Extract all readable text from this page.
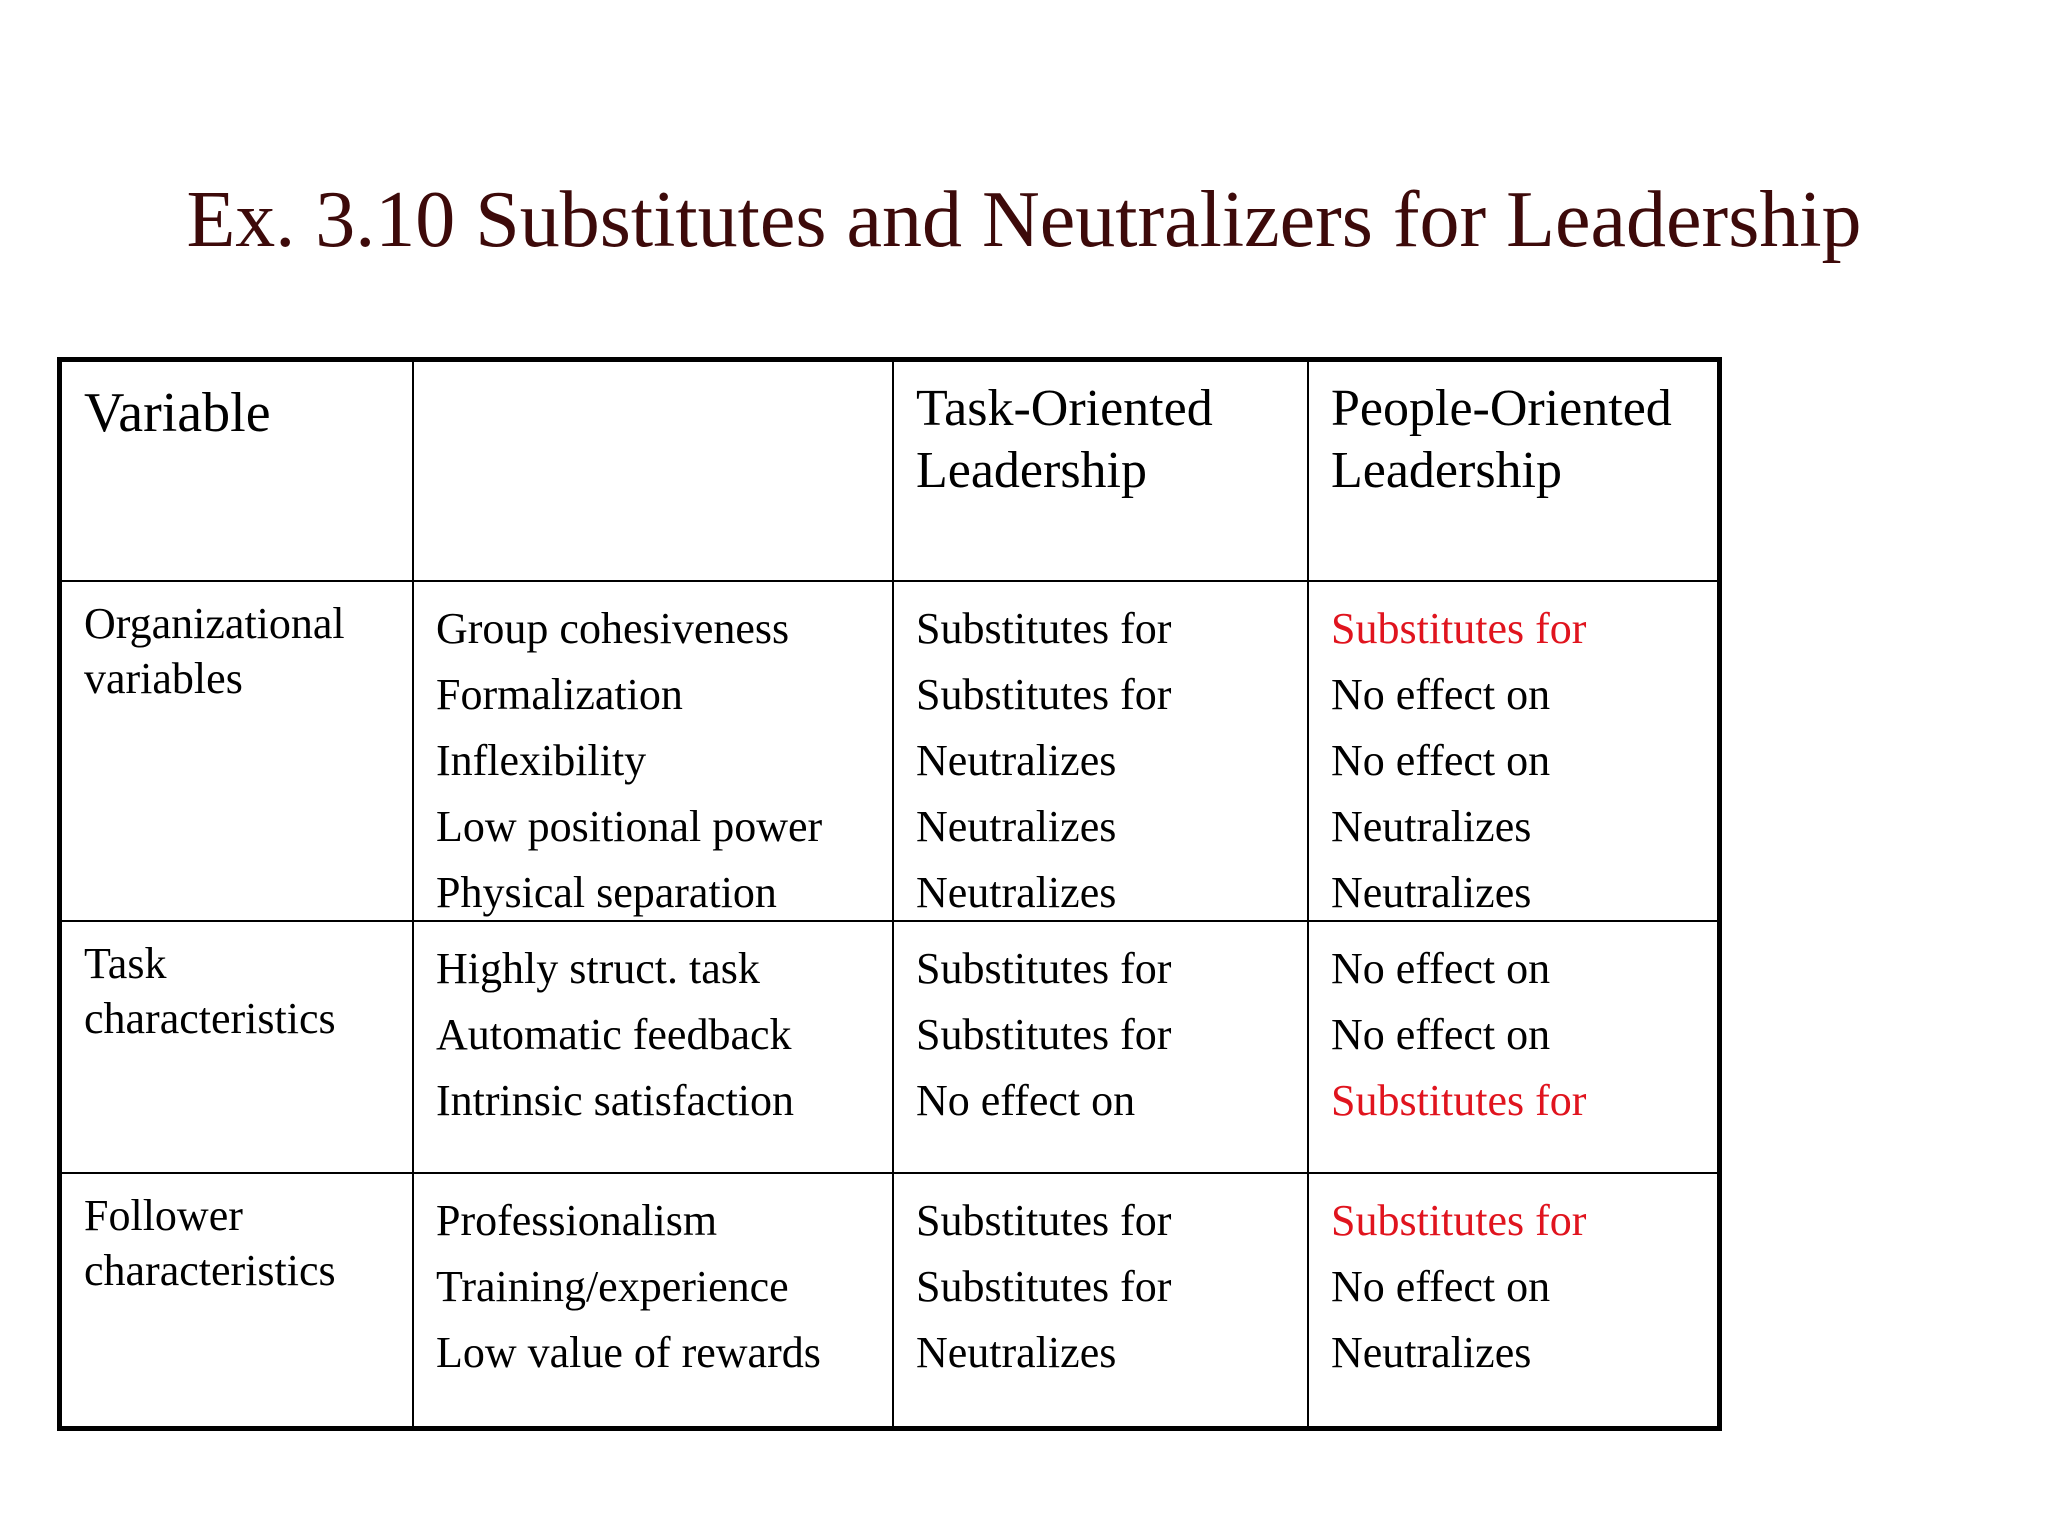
Ex. 3.10 Substitutes and Neutralizers for Leadership
Variable	Task-Oriented Leadership
People-Oriented Leadership
Organizational variables
Group cohesiveness
Formalization
Inflexibility
Low positional power
Physical separation
Substitutes for
Substitutes for
Neutralizes
Neutralizes
Neutralizes
Substitutes for
No effect on
No effect on
Neutralizes
Neutralizes
Task characteristics
Highly struct. task
Automatic feedback
Intrinsic satisfaction
Substitutes for
Substitutes for
No effect on
No effect on
No effect on
Substitutes for
Follower characteristics
Professionalism
Training/experience
Low value of rewards
Substitutes for
Substitutes for
Neutralizes
Substitutes for
No effect on
Neutralizes
